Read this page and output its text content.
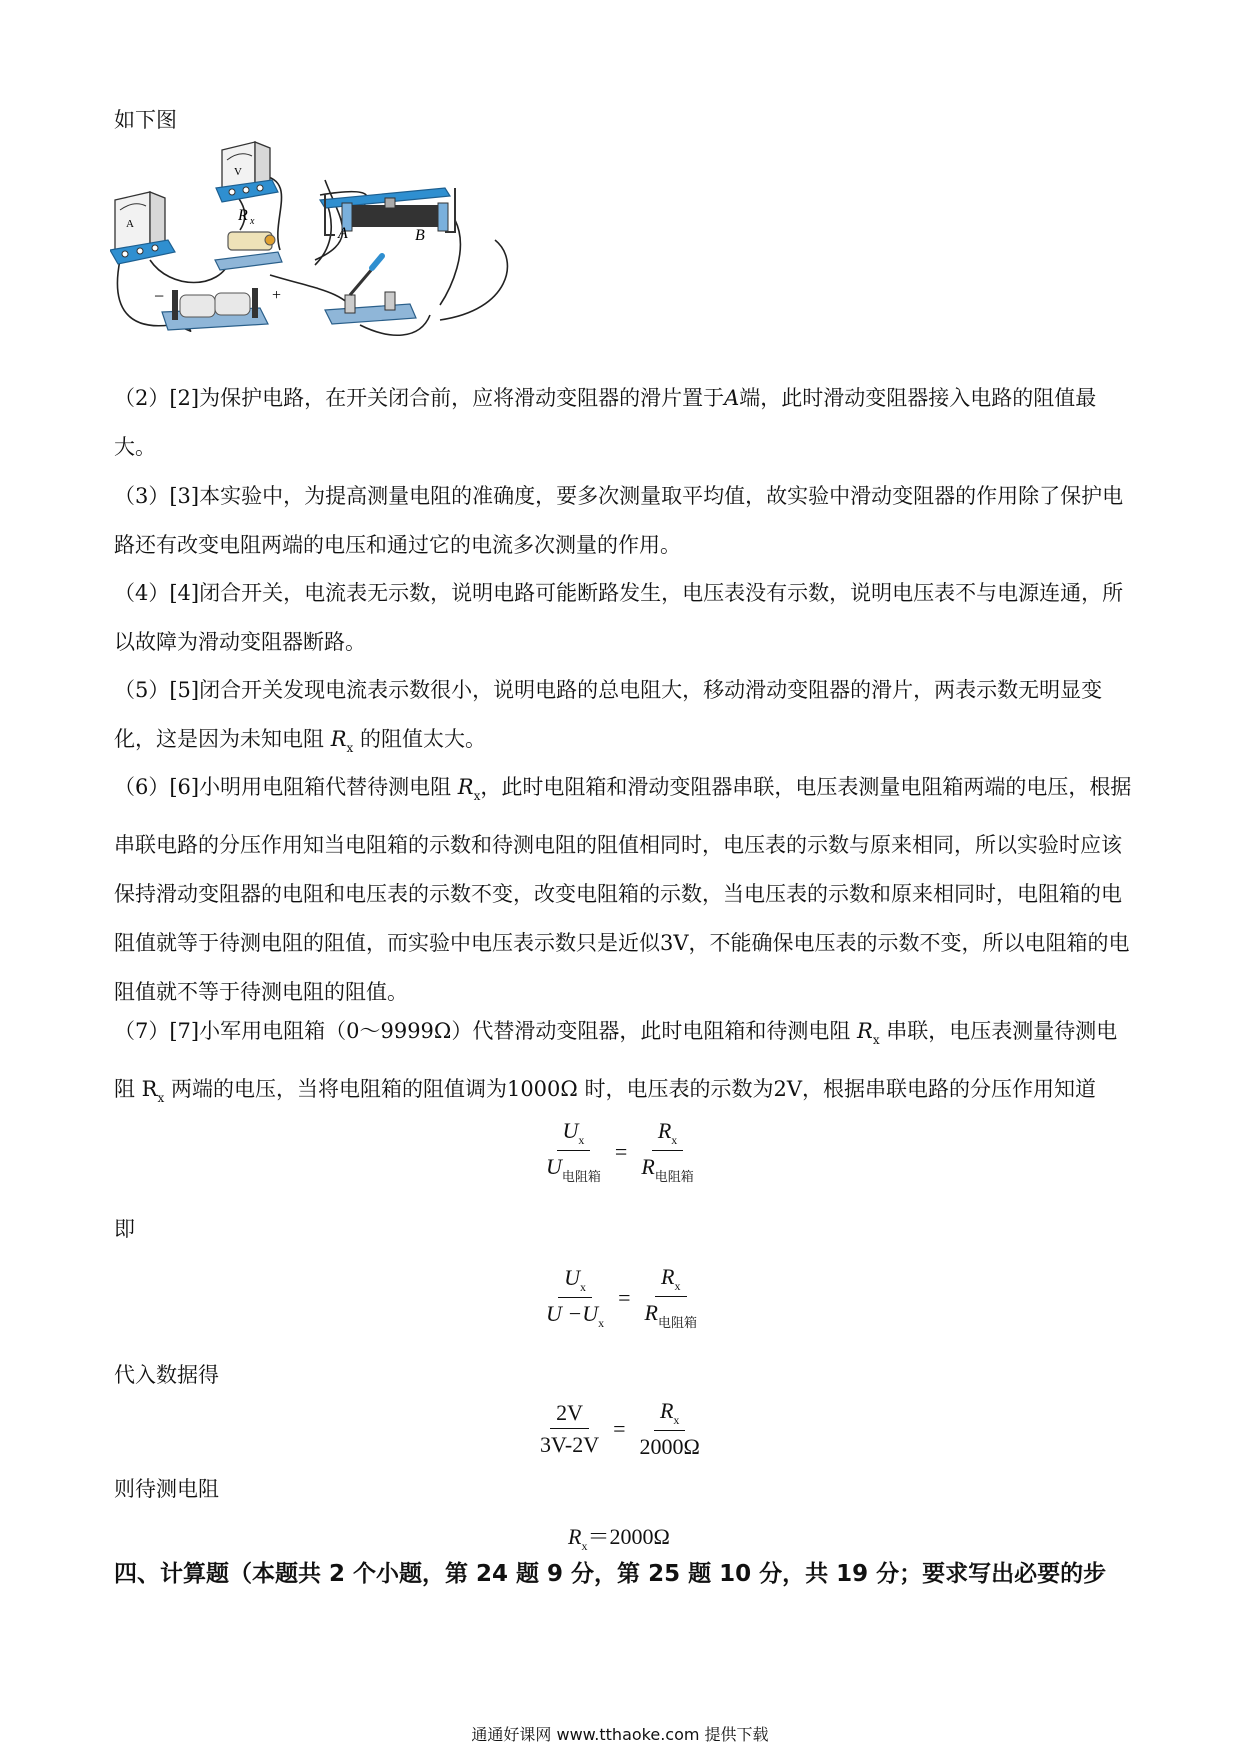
如下图
A
V
R x
A	B
−	+
（2）[2]为保护电路，在开关闭合前，应将滑动变阻器的滑片置于A端，此时滑动变阻器接入电路的阻值最大。
（3）[3]本实验中，为提高测量电阻的准确度，要多次测量取平均值，故实验中滑动变阻器的作用除了保护电路还有改变电阻两端的电压和通过它的电流多次测量的作用。
（4）[4]闭合开关，电流表无示数，说明电路可能断路发生，电压表没有示数，说明电压表不与电源连通，所以故障为滑动变阻器断路。
（5）[5]闭合开关发现电流表示数很小，说明电路的总电阻大，移动滑动变阻器的滑片，两表示数无明显变化，这是因为未知电阻 $R_x$ 的阻值太大。
（6）[6]小明用电阻箱代替待测电阻 $R_x$，此时电阻箱和滑动变阻器串联，电压表测量电阻箱两端的电压，根据串联电路的分压作用知当电阻箱的示数和待测电阻的阻值相同时，电压表的示数与原来相同，所以实验时应该保持滑动变阻器的电阻和电压表的示数不变，改变电阻箱的示数，当电压表的示数和原来相同时，电阻箱的电阻值就等于待测电阻的阻值，而实验中电压表示数只是近似3V，不能确保电压表的示数不变，所以电阻箱的电阻值就不等于待测电阻的阻值。
（7）[7]小军用电阻箱（0～9999Ω）代替滑动变阻器，此时电阻箱和待测电阻 $R_x$ 串联，电压表测量待测电阻 $R_x$ 两端的电压，当将电阻箱的阻值调为1000Ω 时，电压表的示数为2V，根据串联电路的分压作用知道
$\frac{U_x}{U_{电阻箱}} = \frac{R_x}{R_{电阻箱}}$
即
$\frac{U_x}{U -U_x} = \frac{R_x}{R_{电阻箱}}$
代入数据得
$\frac{2V}{3V-2V} = \frac{R_x}{2000\Omega}$
则待测电阻
$R_x=2000\Omega$
四、计算题（本题共 2 个小题，第 24 题 9 分，第 25 题 10 分，共 19 分；要求写出必要的步
通通好课网 www.tthaoke.com 提供下载
